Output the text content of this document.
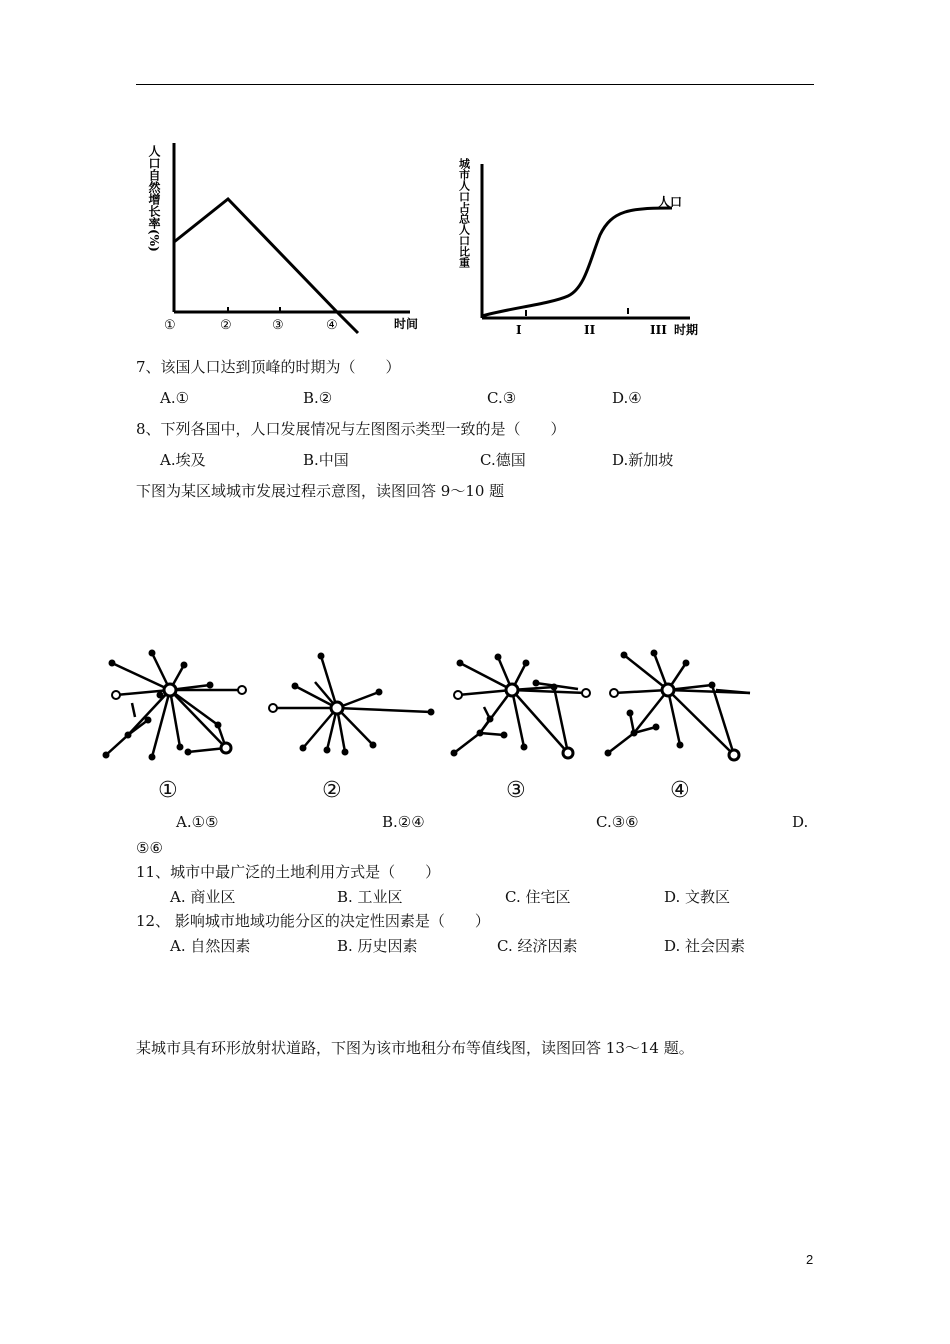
人口自然增长率(%)
①	②	③	④	时间
城市人口占总人口比重	人口
I	II	III 时期
7、该国人口达到顶峰的时期为（　　）
A.①	B.②	C.③	D.④
8、下列各国中，人口发展情况与左图图示类型一致的是（　　）
A.埃及	B.中国	C.德国	D.新加坡
下图为某区域城市发展过程示意图，读图回答 9～10 题
①	②	③	④
A.①⑤	B.②④	C.③⑥	D.
⑤⑥
11、城市中最广泛的土地利用方式是（　　）
A. 商业区	B. 工业区	C. 住宅区	D. 文教区
12、 影响城市地域功能分区的决定性因素是（　　）
A. 自然因素	B. 历史因素	C. 经济因素	D. 社会因素
某城市具有环形放射状道路，下图为该市地租分布等值线图，读图回答 13～14 题。
2
